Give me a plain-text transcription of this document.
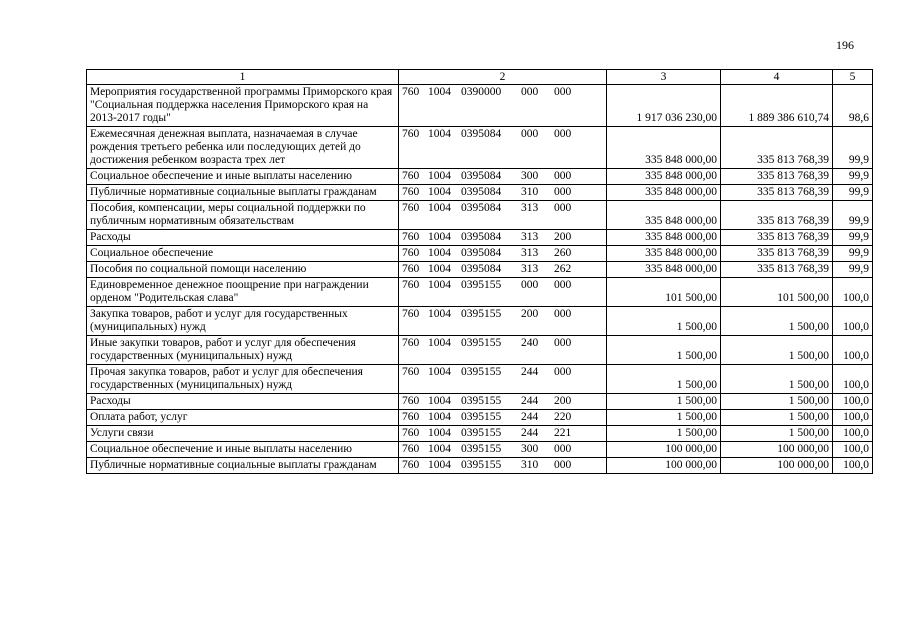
196
1	2	3	4	5
Мероприятия государственной программы Приморского края "Социальная поддержка населения Приморского края на 2013-2017 годы"	760 1004 0390000 000 000	1 917 036 230,00	1 889 386 610,74	98,6
Ежемесячная денежная выплата, назначаемая в случае рождения третьего ребенка или последующих детей до достижения ребенком возраста трех лет	760 1004 0395084 000 000	335 848 000,00	335 813 768,39	99,9
Социальное обеспечение и иные выплаты населению	760 1004 0395084 300 000	335 848 000,00	335 813 768,39	99,9
Публичные нормативные социальные выплаты гражданам	760 1004 0395084 310 000	335 848 000,00	335 813 768,39	99,9
Пособия, компенсации, меры социальной поддержки по публичным нормативным обязательствам	760 1004 0395084 313 000	335 848 000,00	335 813 768,39	99,9
Расходы	760 1004 0395084 313 200	335 848 000,00	335 813 768,39	99,9
Социальное обеспечение	760 1004 0395084 313 260	335 848 000,00	335 813 768,39	99,9
Пособия по социальной помощи населению	760 1004 0395084 313 262	335 848 000,00	335 813 768,39	99,9
Единовременное денежное поощрение при награждении орденом "Родительская слава"	760 1004 0395155 000 000	101 500,00	101 500,00	100,0
Закупка товаров, работ и услуг для государственных (муниципальных) нужд	760 1004 0395155 200 000	1 500,00	1 500,00	100,0
Иные закупки товаров, работ и услуг для обеспечения государственных (муниципальных) нужд	760 1004 0395155 240 000	1 500,00	1 500,00	100,0
Прочая закупка товаров, работ и услуг для обеспечения государственных (муниципальных) нужд	760 1004 0395155 244 000	1 500,00	1 500,00	100,0
Расходы	760 1004 0395155 244 200	1 500,00	1 500,00	100,0
Оплата работ, услуг	760 1004 0395155 244 220	1 500,00	1 500,00	100,0
Услуги связи	760 1004 0395155 244 221	1 500,00	1 500,00	100,0
Социальное обеспечение и иные выплаты населению	760 1004 0395155 300 000	100 000,00	100 000,00	100,0
Публичные нормативные социальные выплаты гражданам	760 1004 0395155 310 000	100 000,00	100 000,00	100,0
